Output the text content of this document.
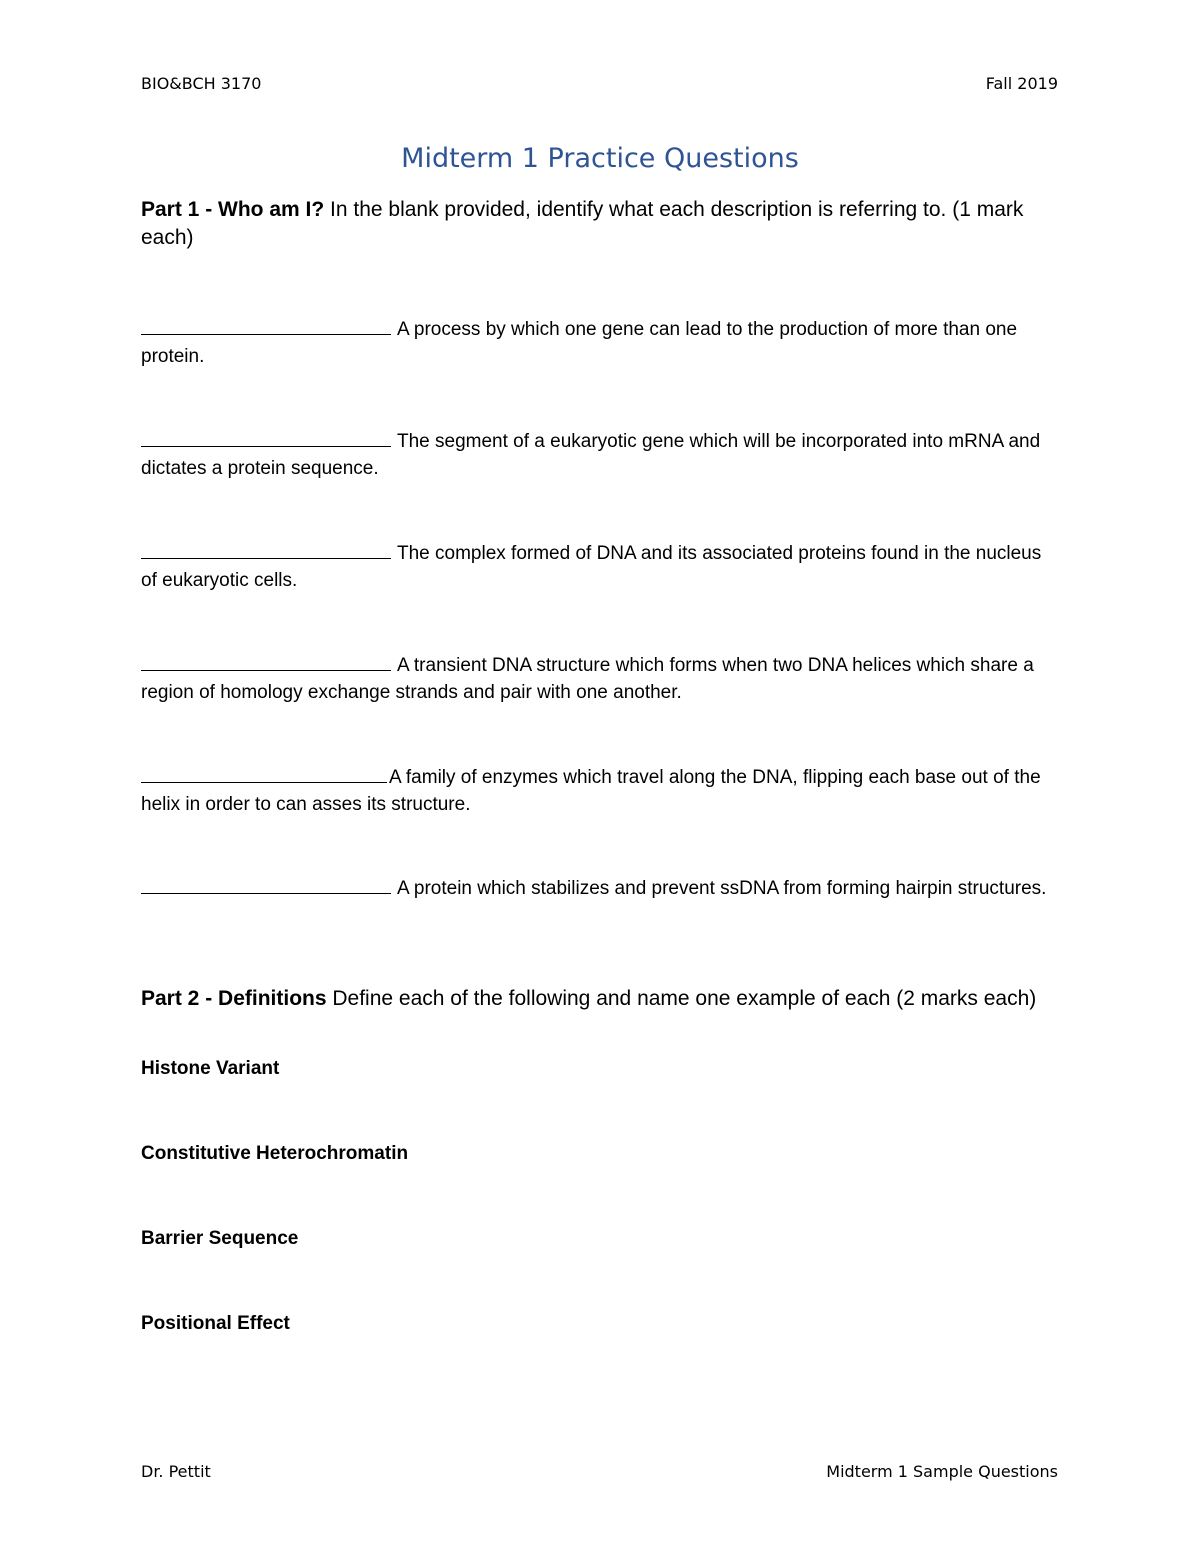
BIO&BCH 3170	Fall 2019
Midterm 1 Practice Questions
Part 1 - Who am I? In the blank provided, identify what each description is referring to. (1 mark each)
A process by which one gene can lead to the production of more than one protein.
The segment of a eukaryotic gene which will be incorporated into mRNA and dictates a protein sequence.
The complex formed of DNA and its associated proteins found in the nucleus of eukaryotic cells.
A transient DNA structure which forms when two DNA helices which share a region of homology exchange strands and pair with one another.
A family of enzymes which travel along the DNA, flipping each base out of the helix in order to can asses its structure.
A protein which stabilizes and prevent ssDNA from forming hairpin structures.
Part 2 - Definitions Define each of the following and name one example of each (2 marks each)
Histone Variant
Constitutive Heterochromatin
Barrier Sequence
Positional Effect
Dr. Pettit	Midterm 1 Sample Questions
